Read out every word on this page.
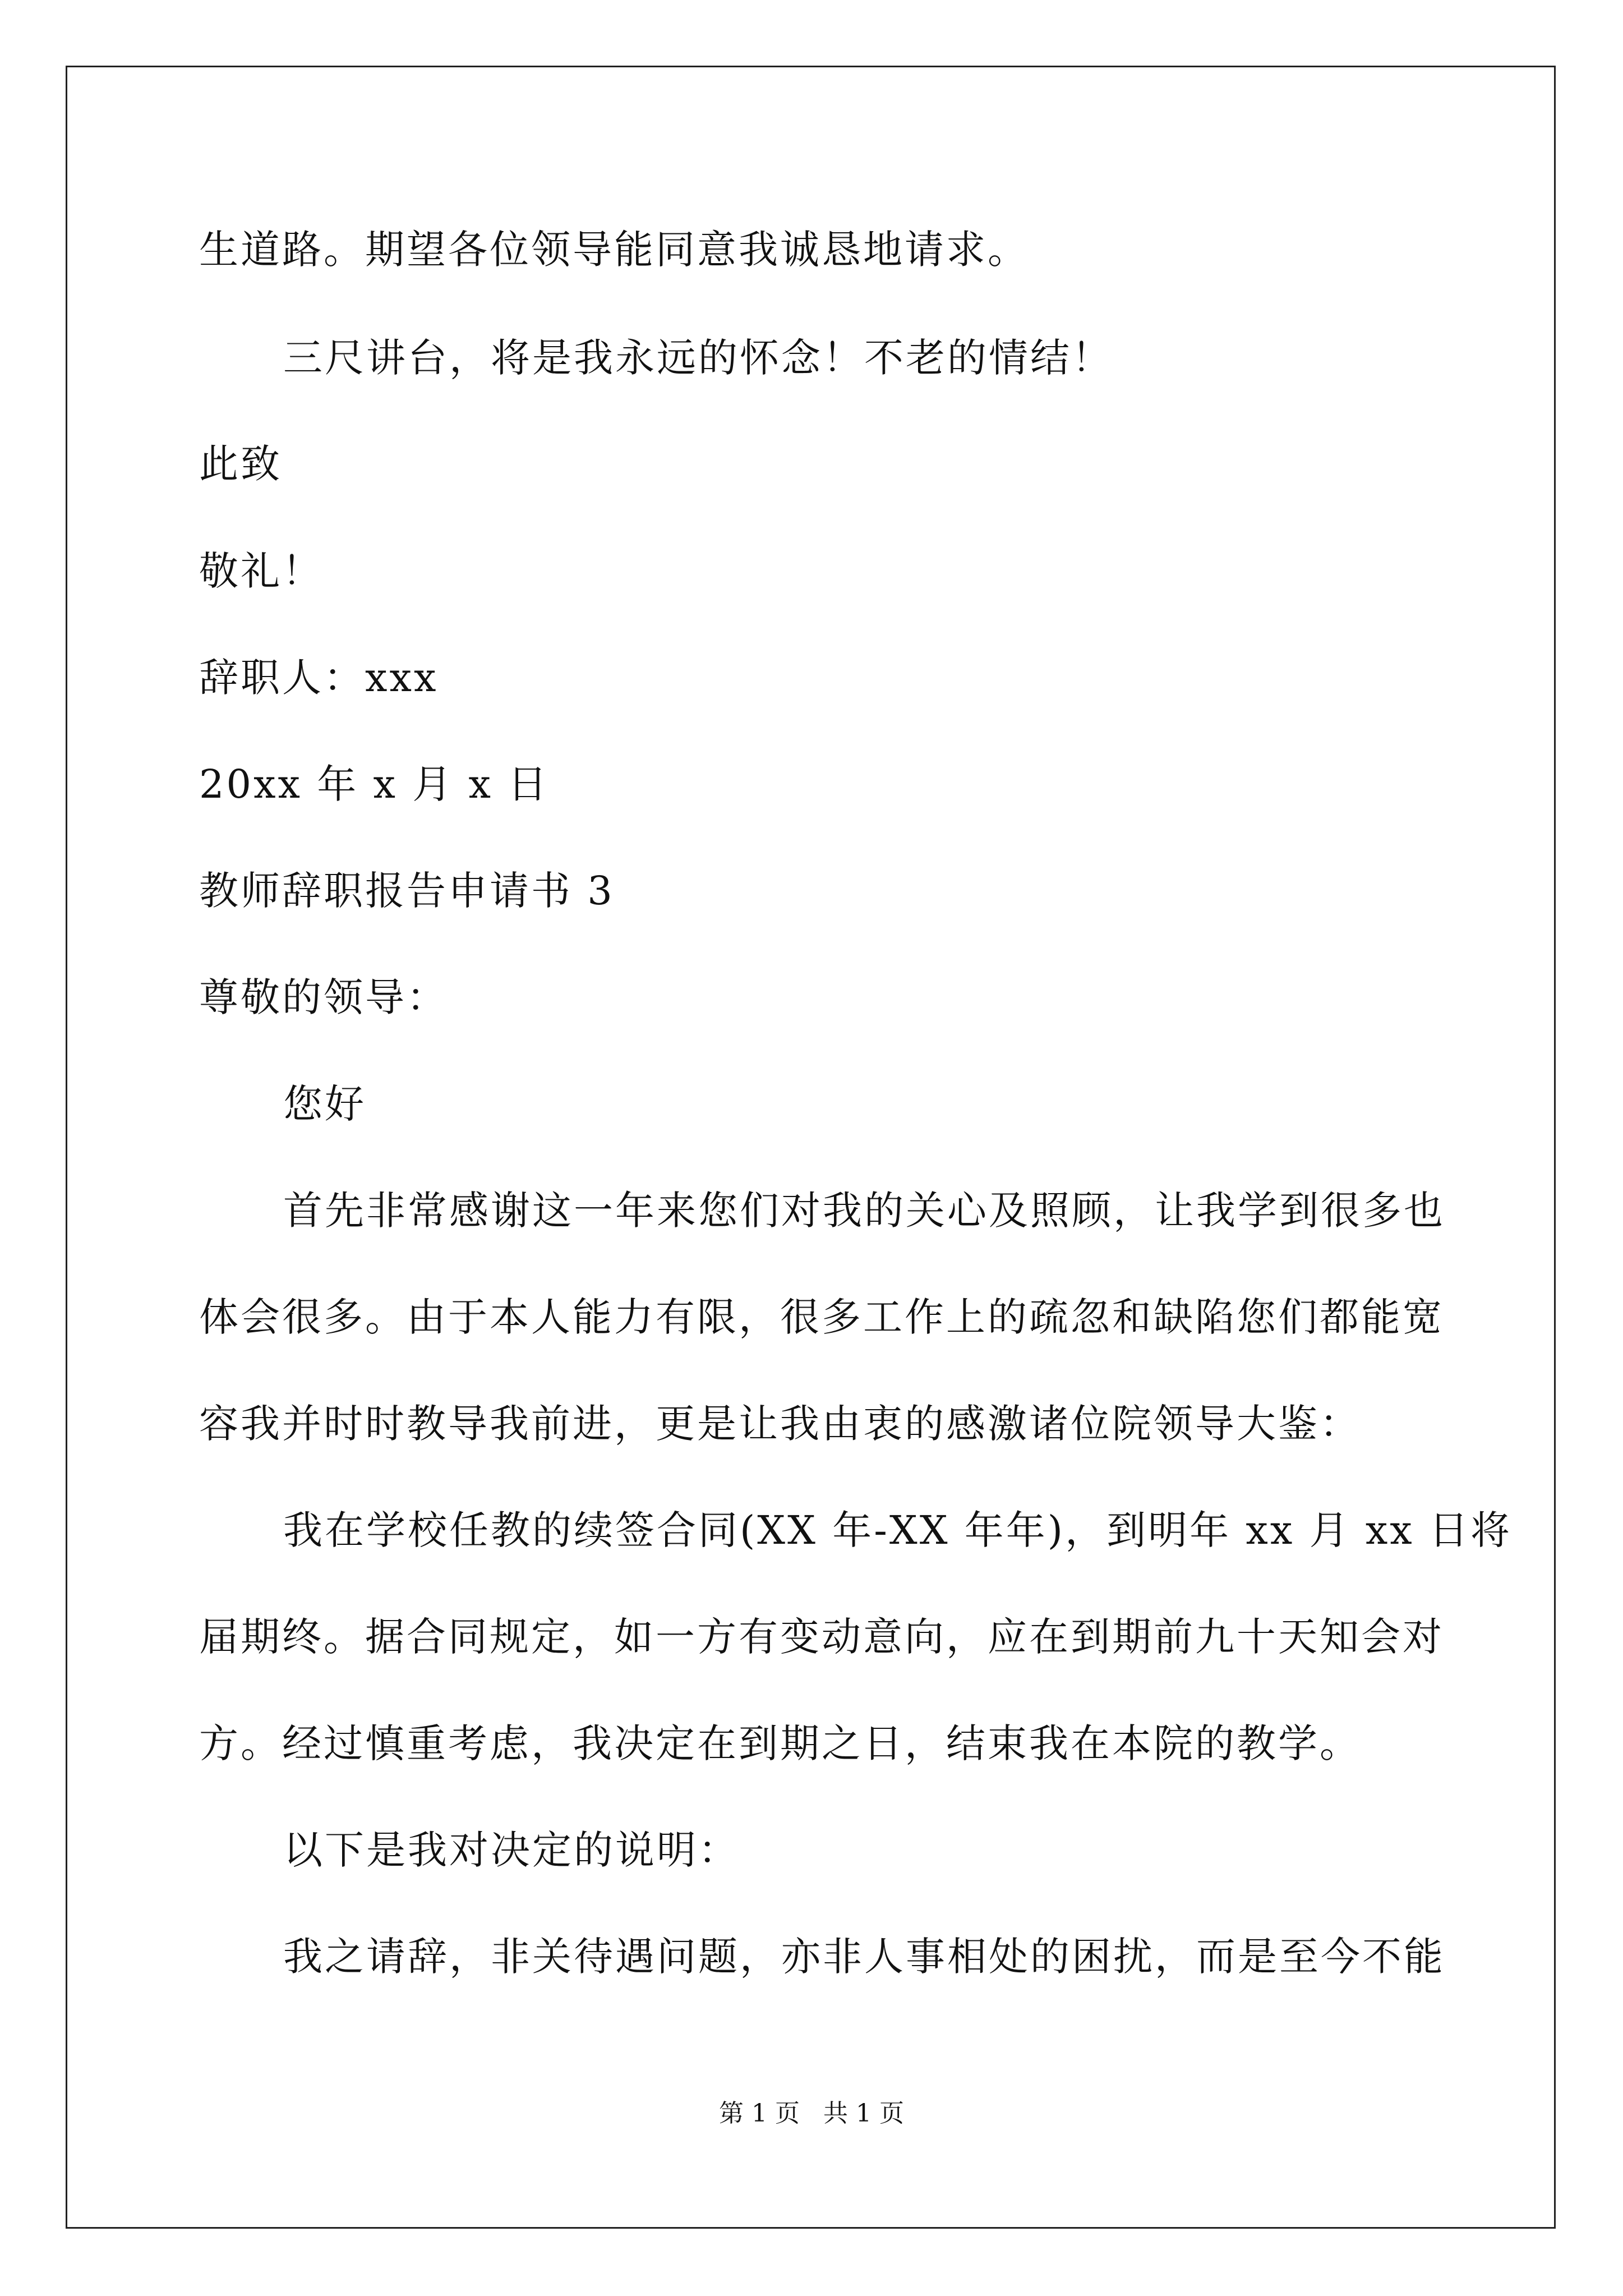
生道路。期望各位领导能同意我诚恳地请求。
三尺讲台，将是我永远的怀念！不老的情结！
此致
敬礼！
辞职人：xxx
20xx 年 x 月 x 日
教师辞职报告申请书 3
尊敬的领导：
您好
首先非常感谢这一年来您们对我的关心及照顾，让我学到很多也
体会很多。由于本人能力有限，很多工作上的疏忽和缺陷您们都能宽
容我并时时教导我前进，更是让我由衷的感激诸位院领导大鉴：
我在学校任教的续签合同(XX 年-XX 年年)，到明年 xx 月 xx 日将
届期终。据合同规定，如一方有变动意向，应在到期前九十天知会对
方。经过慎重考虑，我决定在到期之日，结束我在本院的教学。
以下是我对决定的说明：
我之请辞，非关待遇问题，亦非人事相处的困扰，而是至今不能
第 1 页   共 1 页
